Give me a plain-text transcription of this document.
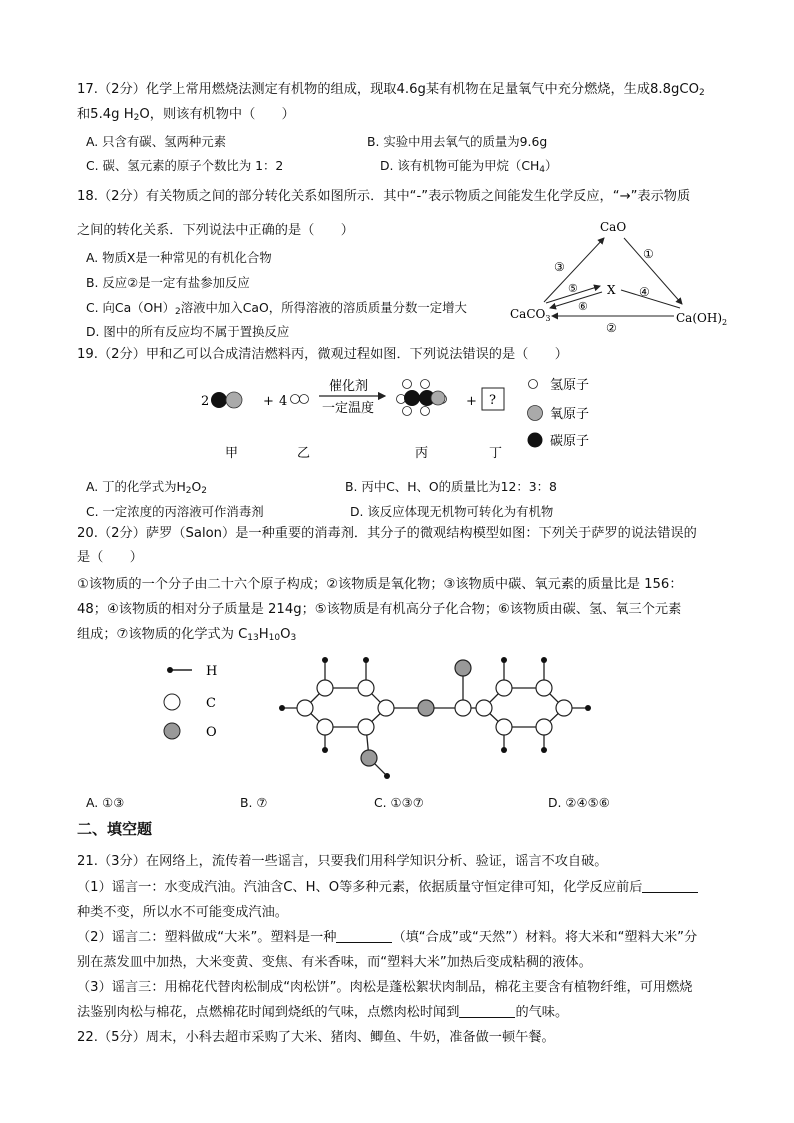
17.（2分）化学上常用燃烧法测定有机物的组成，现取4.6g某有机物在足量氧气中充分燃烧，生成8.8gCO$_2$
和5.4g $H_2O$，则该有机物中（　　）
A. 只含有碳、氢两种元素	B. 实验中用去氧气的质量为9.6g
C. 碳、氢元素的原子个数比为 1：2	D. 该有机物可能为甲烷$(CH_4)$
18.（2分）有关物质之间的部分转化关系如图所示．其中“-”表示物质之间能发生化学反应，“→”表示物质
之间的转化关系．下列说法中正确的是（　　）
A. 物质X是一种常见的有机化合物
B. 反应②是一定有盐参加反应
C. 向$Ca(OH)_2$溶液中加入CaO，所得溶液的溶质质量分数一定增大
D. 图中的所有反应均不属于置换反应
CaO
X
CaCO$_3$	$Ca(OH)_2$
③
①
⑤
⑥
④
②
19.（2分）甲和乙可以合成清洁燃料丙，微观过程如图．下列说法错误的是（　　）
2	+ 4
催化剂
一定温度	+ ?
甲	乙	丙	丁
氢原子
氧原子
碳原子
A. 丁的化学式为$H_2O_2$	B. 丙中C、H、O的质量比为12：3：8
C. 一定浓度的丙溶液可作消毒剂	D. 该反应体现无机物可转化为有机物
20.（2分）萨罗（Salon）是一种重要的消毒剂．其分子的微观结构模型如图：下列关于萨罗的说法错误的
是（　　）
①该物质的一个分子由二十六个原子构成；②该物质是氧化物；③该物质中碳、氧元素的质量比是 156：
48；④该物质的相对分子质量是 214g；⑤该物质是有机高分子化合物；⑥该物质由碳、氢、氧三个元素
组成；⑦该物质的化学式为 $C_{13}H_{10}O_3$
H
C
O
A. ①③	B. ⑦	C. ①③⑦	D. ②④⑤⑥
二、填空题
21.（3分）在网络上，流传着一些谣言，只要我们用科学知识分析、验证，谣言不攻自破。
（1）谣言一：水变成汽油。汽油含C、H、O等多种元素，依据质量守恒定律可知，化学反应前后
种类不变，所以水不可能变成汽油。
（2）谣言二：塑料做成“大米”。塑料是一种	（填“合成”或“天然”）材料。将大米和“塑料大米”分
别在蒸发皿中加热，大米变黄、变焦、有米香味，而“塑料大米”加热后变成粘稠的液体。
（3）谣言三：用棉花代替肉松制成“肉松饼”。肉松是蓬松絮状肉制品，棉花主要含有植物纤维，可用燃烧
法鉴别肉松与棉花，点燃棉花时闻到烧纸的气味，点燃肉松时闻到	的气味。
22.（5分）周末，小科去超市采购了大米、猪肉、鲫鱼、牛奶，准备做一顿午餐。
